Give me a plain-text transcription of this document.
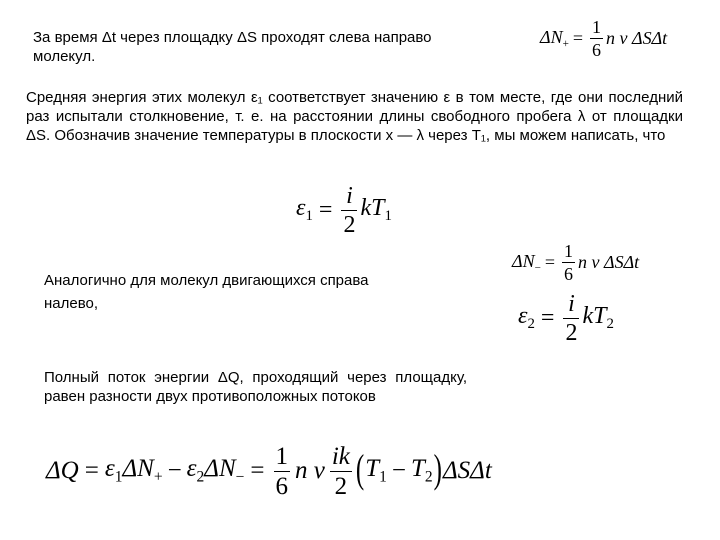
За время Δt через площадку ΔS проходят слева направо

молекул.

$\Delta N_+ = \frac{1}{6}$ n v ΔSΔt

Средняя энергия этих молекул ε₁ соответствует значению ε в том месте, где они последний раз испытали столкновение, т. е. на расстоянии длины свободного пробега λ от площадки ΔS. Обозначив значение температуры в плоскости x — λ через T₁, мы можем написать, что

$\varepsilon_1 = \frac{i}{2} kT_1$
$\Delta N_- = \frac{1}{6}$ n v ΔSΔt

Аналогично для молекул двигающихся справа

налево,	$\varepsilon_2 = \frac{i}{2} kT_2$

Полный поток энергии ΔQ, проходящий через площадку, равен разности двух противоположных потоков

$\Delta Q = \varepsilon_1\Delta N_+ - \varepsilon_2\Delta N_- = \frac{1}{6}$ n v $\frac{ik}{2}$ ( $T_1 - T_2$ ) ΔSΔt
